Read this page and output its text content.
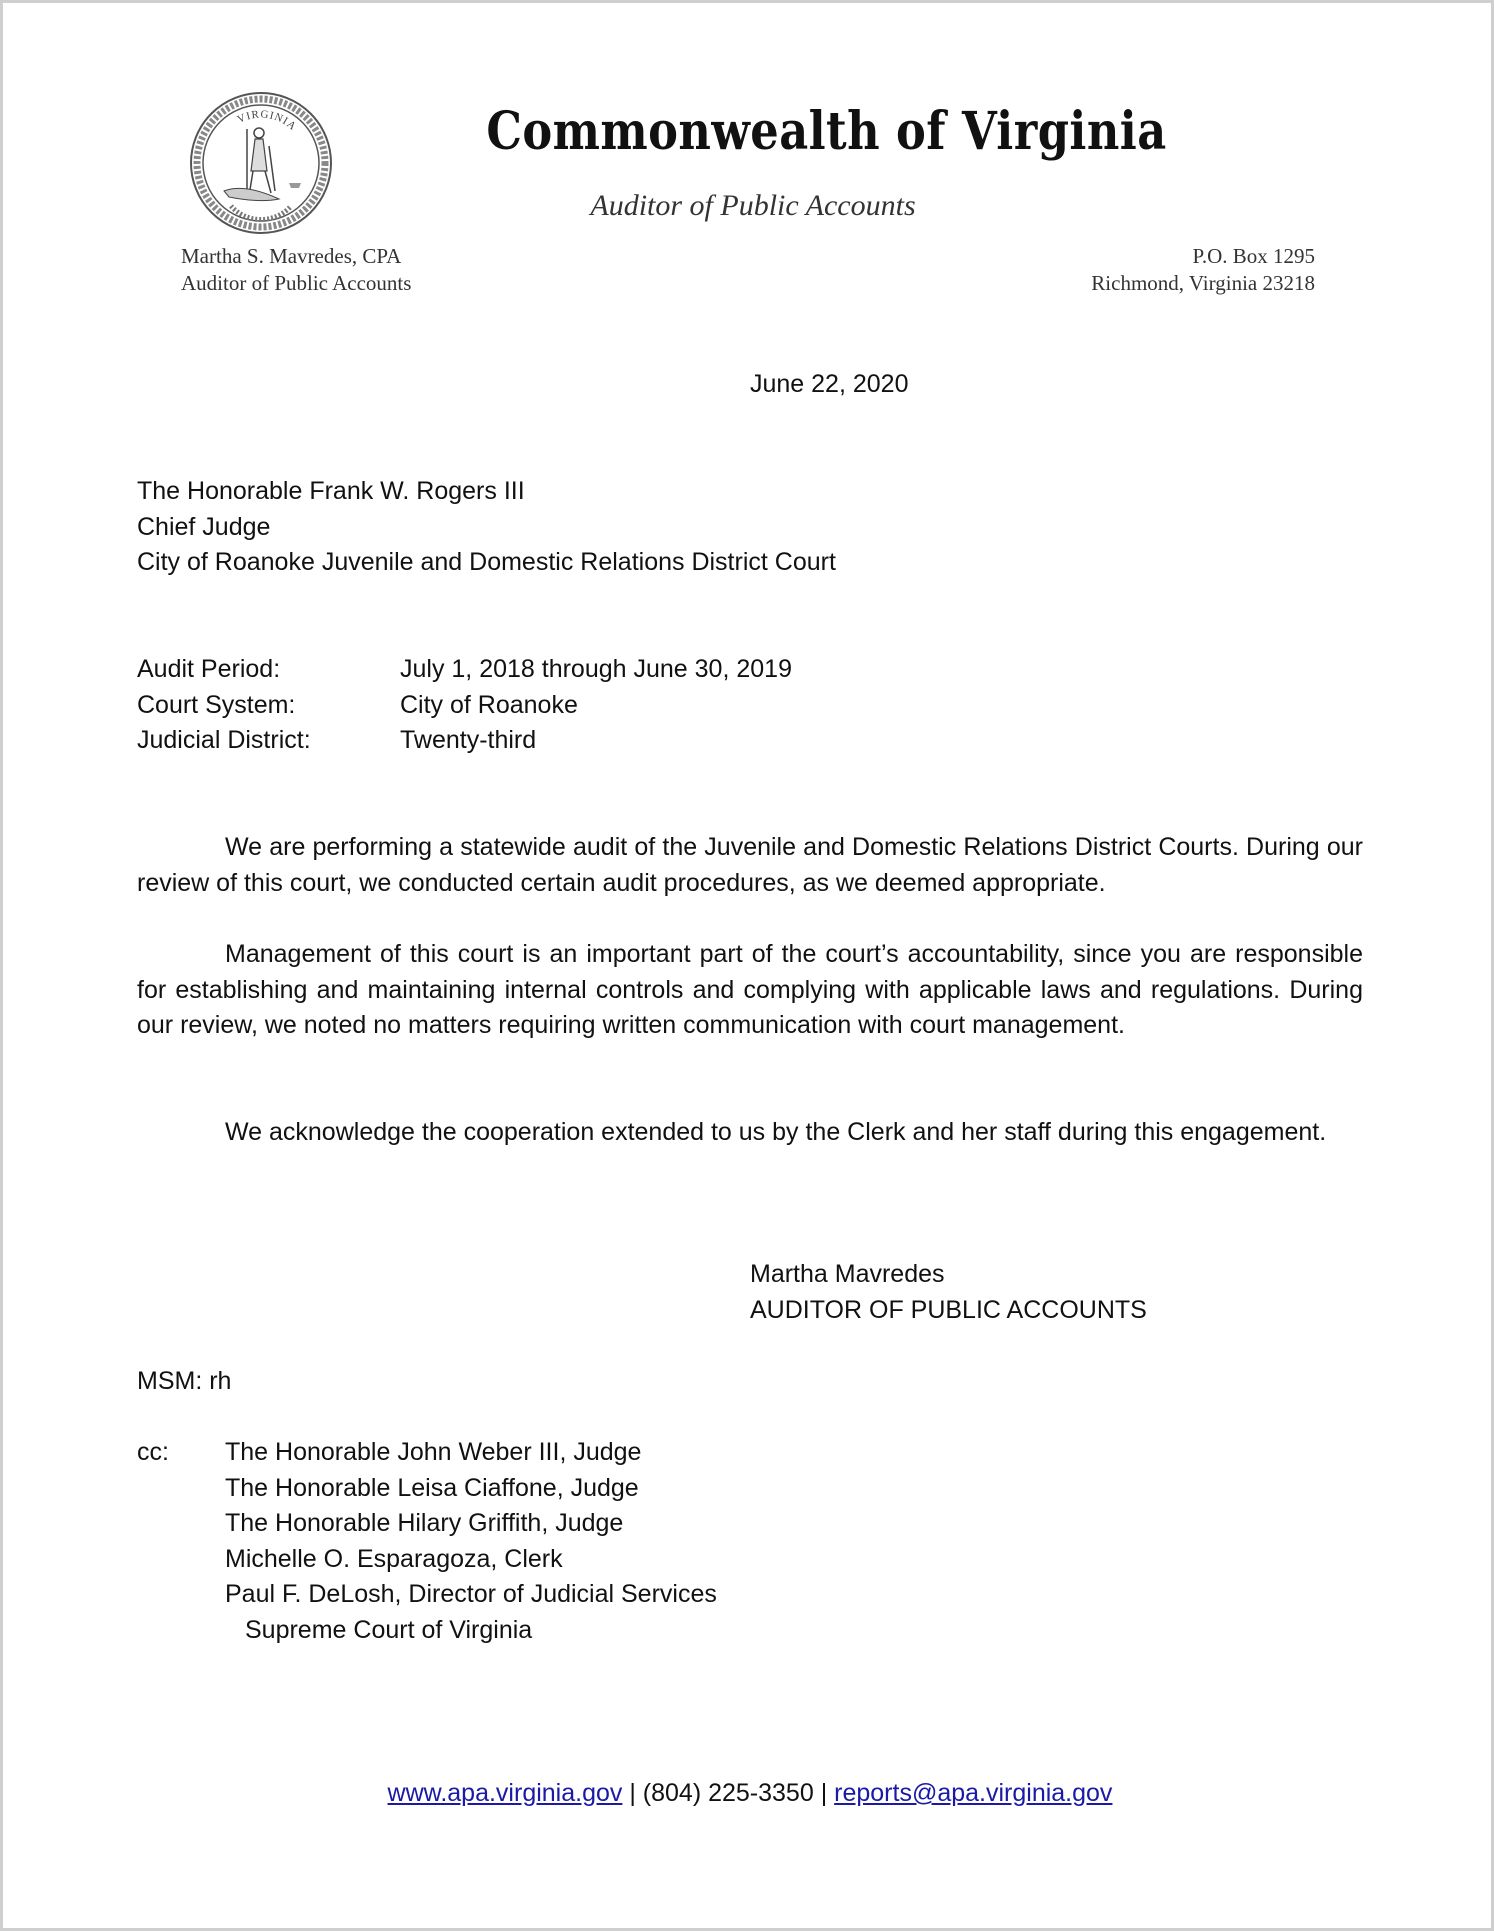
VIRGINIA	Commonwealth of Virginia
Auditor of Public Accounts
Martha S. Mavredes, CPA
Auditor of Public Accounts
P.O. Box 1295
Richmond, Virginia 23218
June 22, 2020
The Honorable Frank W. Rogers III
Chief Judge
City of Roanoke Juvenile and Domestic Relations District Court
Audit Period:	July 1, 2018 through June 30, 2019
Court System:	City of Roanoke
Judicial District:	Twenty-third

We are performing a statewide audit of the Juvenile and Domestic Relations District Courts. During our review of this court, we conducted certain audit procedures, as we deemed appropriate.

Management of this court is an important part of the court’s accountability, since you are responsible for establishing and maintaining internal controls and complying with applicable laws and regulations. During our review, we noted no matters requiring written communication with court management.

We acknowledge the cooperation extended to us by the Clerk and her staff during this engagement.

Martha Mavredes
AUDITOR OF PUBLIC ACCOUNTS
MSM: rh
cc:	The Honorable John Weber III, Judge
The Honorable Leisa Ciaffone, Judge
The Honorable Hilary Griffith, Judge
Michelle O. Esparagoza, Clerk
Paul F. DeLosh, Director of Judicial Services
Supreme Court of Virginia
www.apa.virginia.gov | (804) 225-3350 | reports@apa.virginia.gov
